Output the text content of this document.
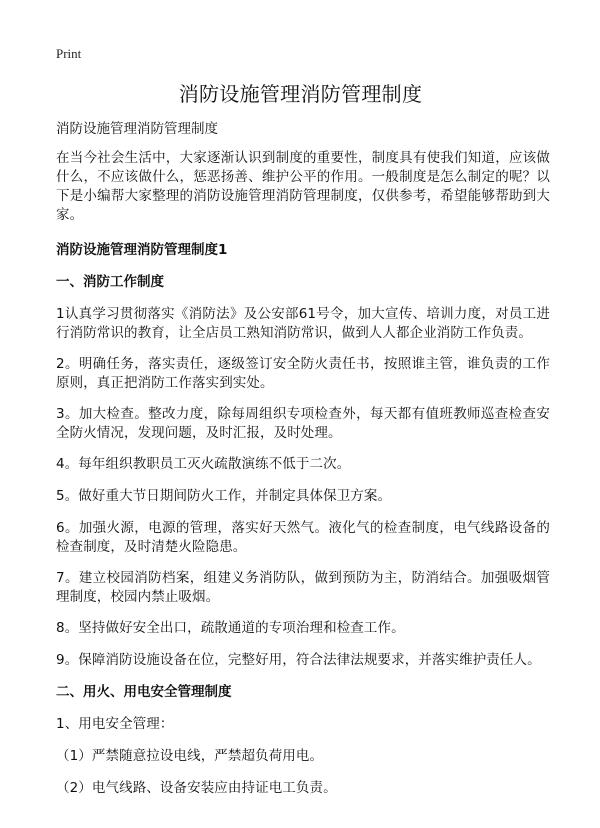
Print
消防设施管理消防管理制度

消防设施管理消防管理制度

在当今社会生活中，大家逐渐认识到制度的重要性，制度具有使我们知道，应该做什么，不应该做什么，惩恶扬善、维护公平的作用。一般制度是怎么制定的呢？以下是小编帮大家整理的消防设施管理消防管理制度，仅供参考，希望能够帮助到大家。

消防设施管理消防管理制度1

一、消防工作制度

1认真学习贯彻落实《消防法》及公安部61号令，加大宣传、培训力度，对员工进行消防常识的教育，让全店员工熟知消防常识，做到人人都企业消防工作负责。

2。明确任务，落实责任，逐级签订安全防火责任书，按照谁主管，谁负责的工作原则，真正把消防工作落实到实处。

3。加大检查。整改力度，除每周组织专项检查外，每天都有值班教师巡查检查安全防火情况，发现问题，及时汇报，及时处理。

4。每年组织教职员工灭火疏散演练不低于二次。

5。做好重大节日期间防火工作，并制定具体保卫方案。

6。加强火源，电源的管理，落实好天然气。液化气的检查制度，电气线路设备的检查制度，及时清楚火险隐患。

7。建立校园消防档案，组建义务消防队，做到预防为主，防消结合。加强吸烟管理制度，校园内禁止吸烟。

8。坚持做好安全出口，疏散通道的专项治理和检查工作。

9。保障消防设施设备在位，完整好用，符合法律法规要求，并落实维护责任人。

二、用火、用电安全管理制度

1、用电安全管理：

（1）严禁随意拉设电线，严禁超负荷用电。

（2）电气线路、设备安装应由持证电工负责。
